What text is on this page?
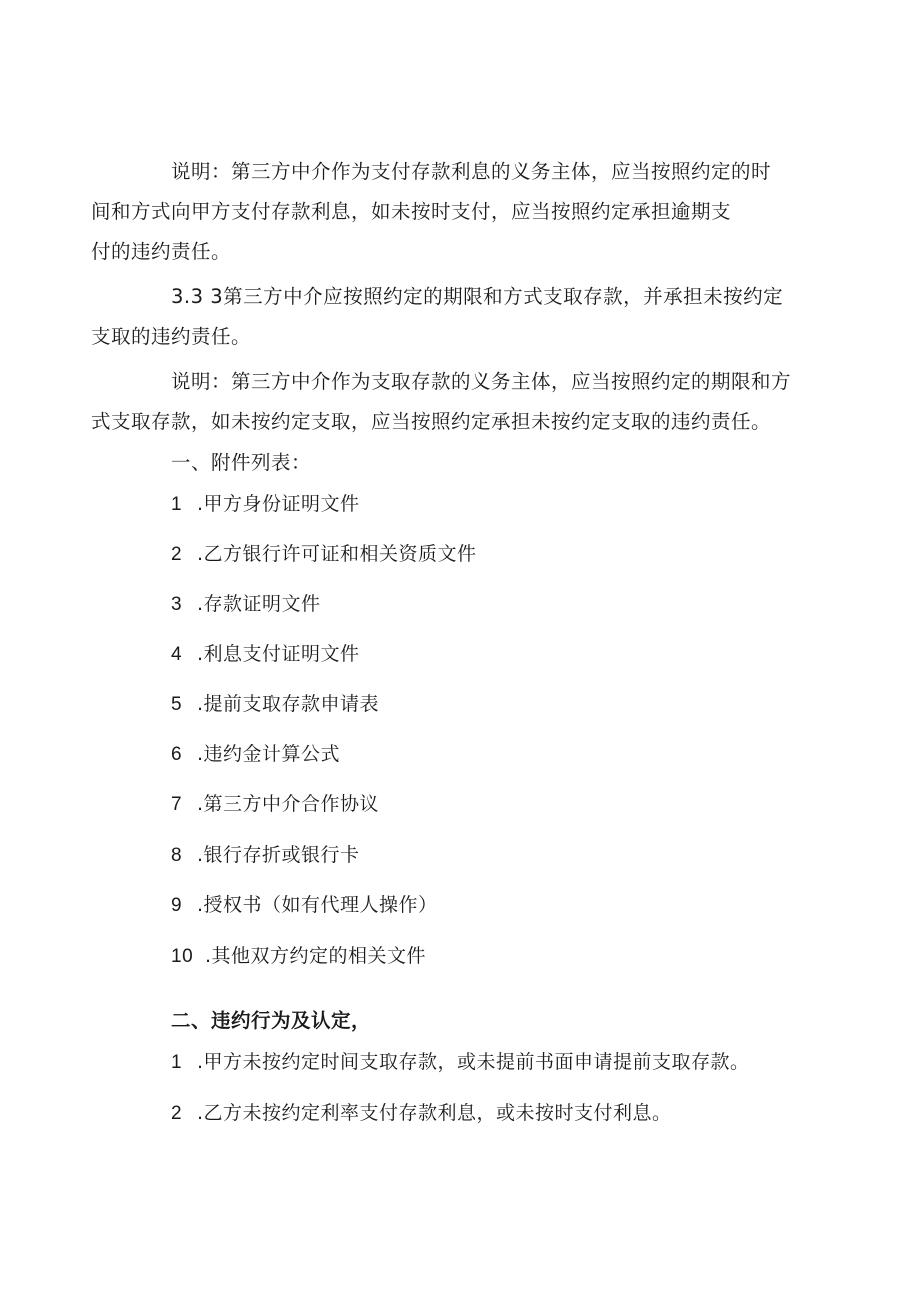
说明：第三方中介作为支付存款利息的义务主体，应当按照约定的时
间和方式向甲方支付存款利息，如未按时支付，应当按照约定承担逾期支
付的违约责任。

3.3 3第三方中介应按照约定的期限和方式支取存款，并承担未按约定
支取的违约责任。

说明：第三方中介作为支取存款的义务主体，应当按照约定的期限和方
式支取存款，如未按约定支取，应当按照约定承担未按约定支取的违约责任。

一、附件列表：

1 .甲方身份证明文件

2 .乙方银行许可证和相关资质文件

3 .存款证明文件

4 .利息支付证明文件

5 .提前支取存款申请表

6 .违约金计算公式

7 .第三方中介合作协议

8 .银行存折或银行卡

9 .授权书（如有代理人操作）

10 .其他双方约定的相关文件

二、违约行为及认定，

1 .甲方未按约定时间支取存款，或未提前书面申请提前支取存款。

2 .乙方未按约定利率支付存款利息，或未按时支付利息。
